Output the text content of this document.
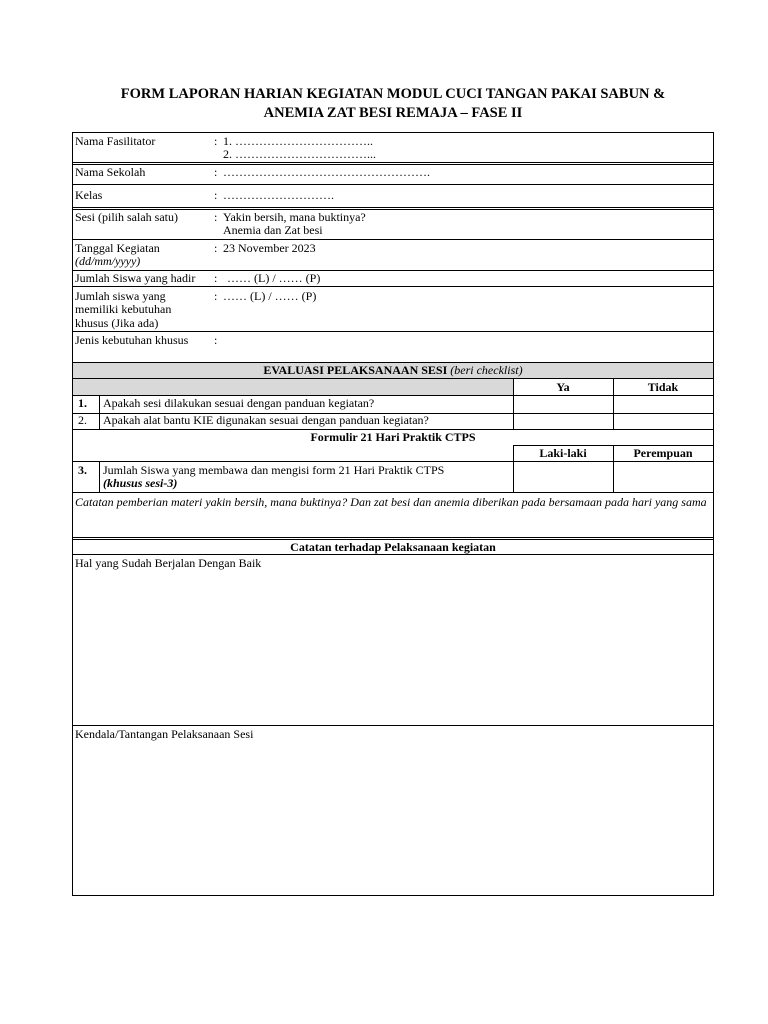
FORM LAPORAN HARIAN KEGIATAN MODUL CUCI TANGAN PAKAI SABUN &
ANEMIA ZAT BESI REMAJA – FASE II
Nama Fasilitator	: 1. ……………………………..
2. ……………………………...
Nama Sekolah	: …………………………………………….
Kelas	: ……………………….
Sesi (pilih salah satu)	: Yakin bersih, mana buktinya?
Anemia dan Zat besi
Tanggal Kegiatan
(dd/mm/yyyy)
: 23 November 2023
Jumlah Siswa yang hadir : …… (L) / …… (P)
Jumlah siswa yang
memiliki kebutuhan
khusus (Jika ada)
: …… (L) / …… (P)
Jenis kebutuhan khusus :
EVALUASI PELAKSANAAN SESI (beri checklist)
Ya	Tidak
1. Apakah sesi dilakukan sesuai dengan panduan kegiatan?
2. Apakah alat bantu KIE digunakan sesuai dengan panduan kegiatan?
Formulir 21 Hari Praktik CTPS
Laki-laki	Perempuan
3. Jumlah Siswa yang membawa dan mengisi form 21 Hari Praktik CTPS
(khusus sesi-3)
Catatan pemberian materi yakin bersih, mana buktinya? Dan zat besi dan anemia diberikan pada bersamaan pada hari yang sama
Catatan terhadap Pelaksanaan kegiatan
Hal yang Sudah Berjalan Dengan Baik
Kendala/Tantangan Pelaksanaan Sesi
